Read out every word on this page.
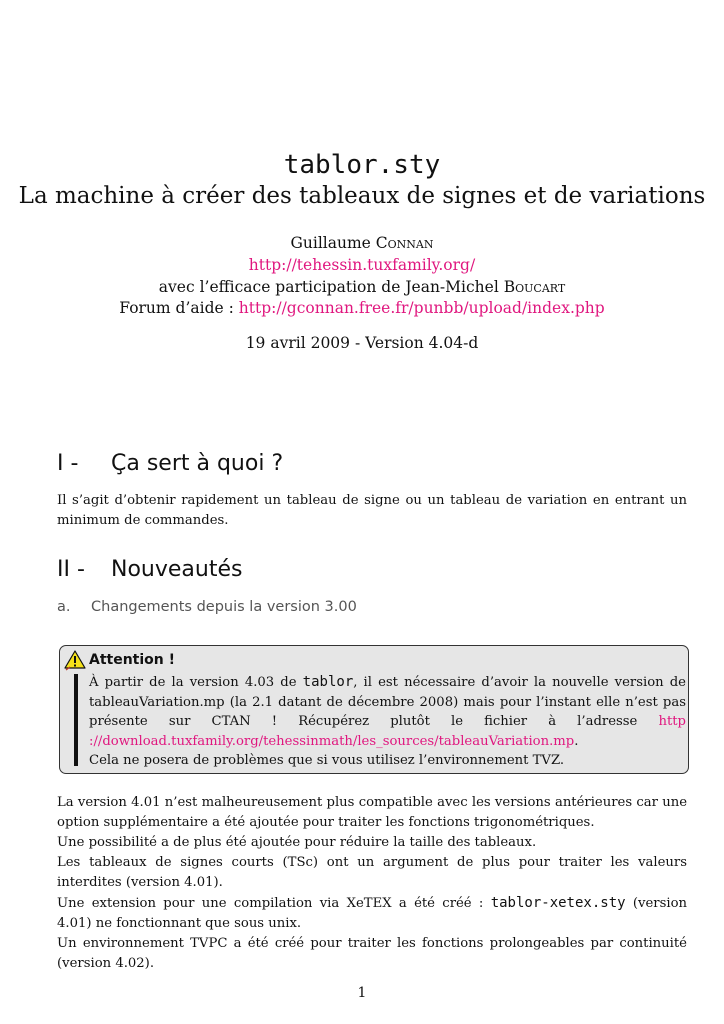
tablor.sty
La machine à créer des tableaux de signes et de variations
Guillaume Connan
http://tehessin.tuxfamily.org/
avec l’efficace participation de Jean-Michel Boucart
Forum d’aide : http://gconnan.free.fr/punbb/upload/index.php
19 avril 2009 - Version 4.04-d
I - Ça sert à quoi ?
Il s’agit d’obtenir rapidement un tableau de signe ou un tableau de variation en entrant un minimum de commandes.
II - Nouveautés
a. Changements depuis la version 3.00
Attention !
À partir de la version 4.03 de tablor, il est nécessaire d’avoir la nouvelle version de tableauVariation.mp (la 2.1 datant de décembre 2008) mais pour l’instant elle n’est pas présente sur CTAN ! Récupérez plutôt le fichier à l’adresse http ://download.tuxfamily.org/tehessinmath/les_sources/tableauVariation.mp.
Cela ne posera de problèmes que si vous utilisez l’environnement TVZ.

La version 4.01 n’est malheureusement plus compatible avec les versions antérieures car une option supplémentaire a été ajoutée pour traiter les fonctions trigonométriques.

Une possibilité a de plus été ajoutée pour réduire la taille des tableaux.

Les tableaux de signes courts (TSc) ont un argument de plus pour traiter les valeurs interdites (version 4.01).

Une extension pour une compilation via XeTEX a été créé : tablor-xetex.sty (version 4.01) ne fonctionnant que sous unix.

Un environnement TVPC a été créé pour traiter les fonctions prolongeables par continuité (version 4.02).

1
